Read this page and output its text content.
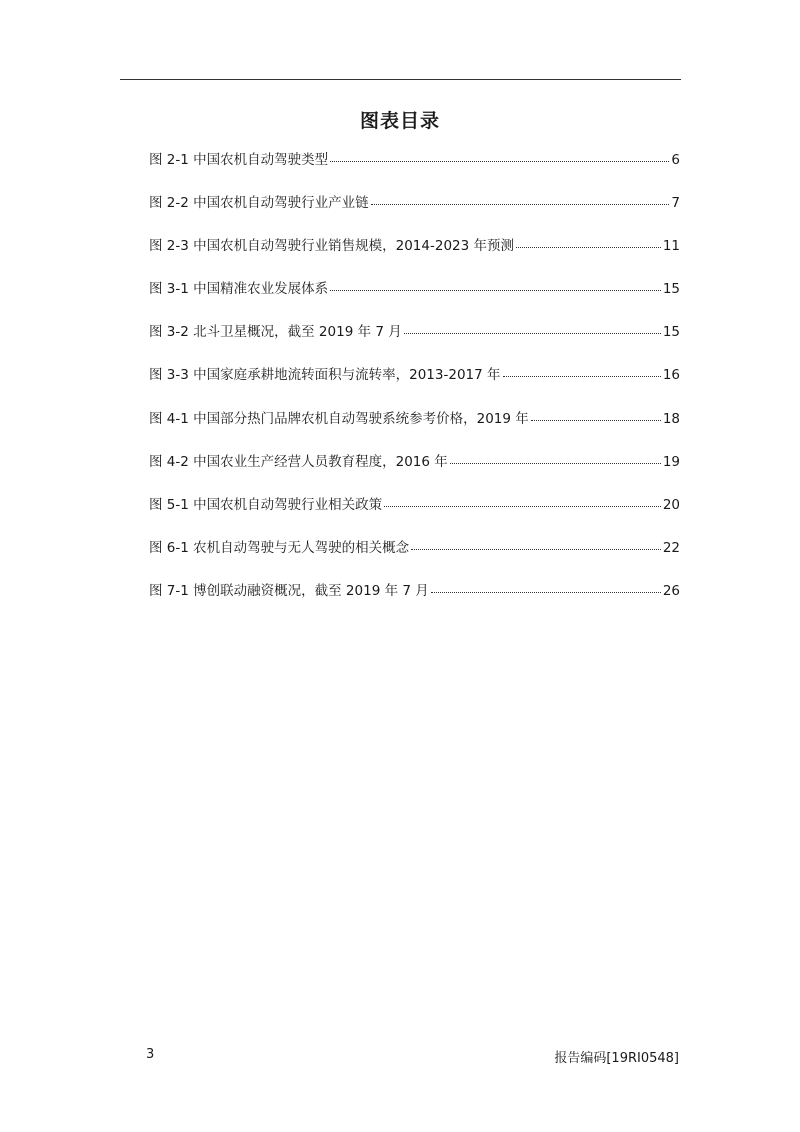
图表目录
图 2-1 中国农机自动驾驶类型	6
图 2-2 中国农机自动驾驶行业产业链	7
图 2-3 中国农机自动驾驶行业销售规模，2014-2023 年预测	11
图 3-1 中国精准农业发展体系	15
图 3-2 北斗卫星概况，截至 2019 年 7 月	15
图 3-3 中国家庭承耕地流转面积与流转率，2013-2017 年	16
图 4-1 中国部分热门品牌农机自动驾驶系统参考价格，2019 年	18
图 4-2 中国农业生产经营人员教育程度，2016 年	19
图 5-1 中国农机自动驾驶行业相关政策	20
图 6-1 农机自动驾驶与无人驾驶的相关概念	22
图 7-1 博创联动融资概况，截至 2019 年 7 月	26
3	报告编码[19RI0548]
